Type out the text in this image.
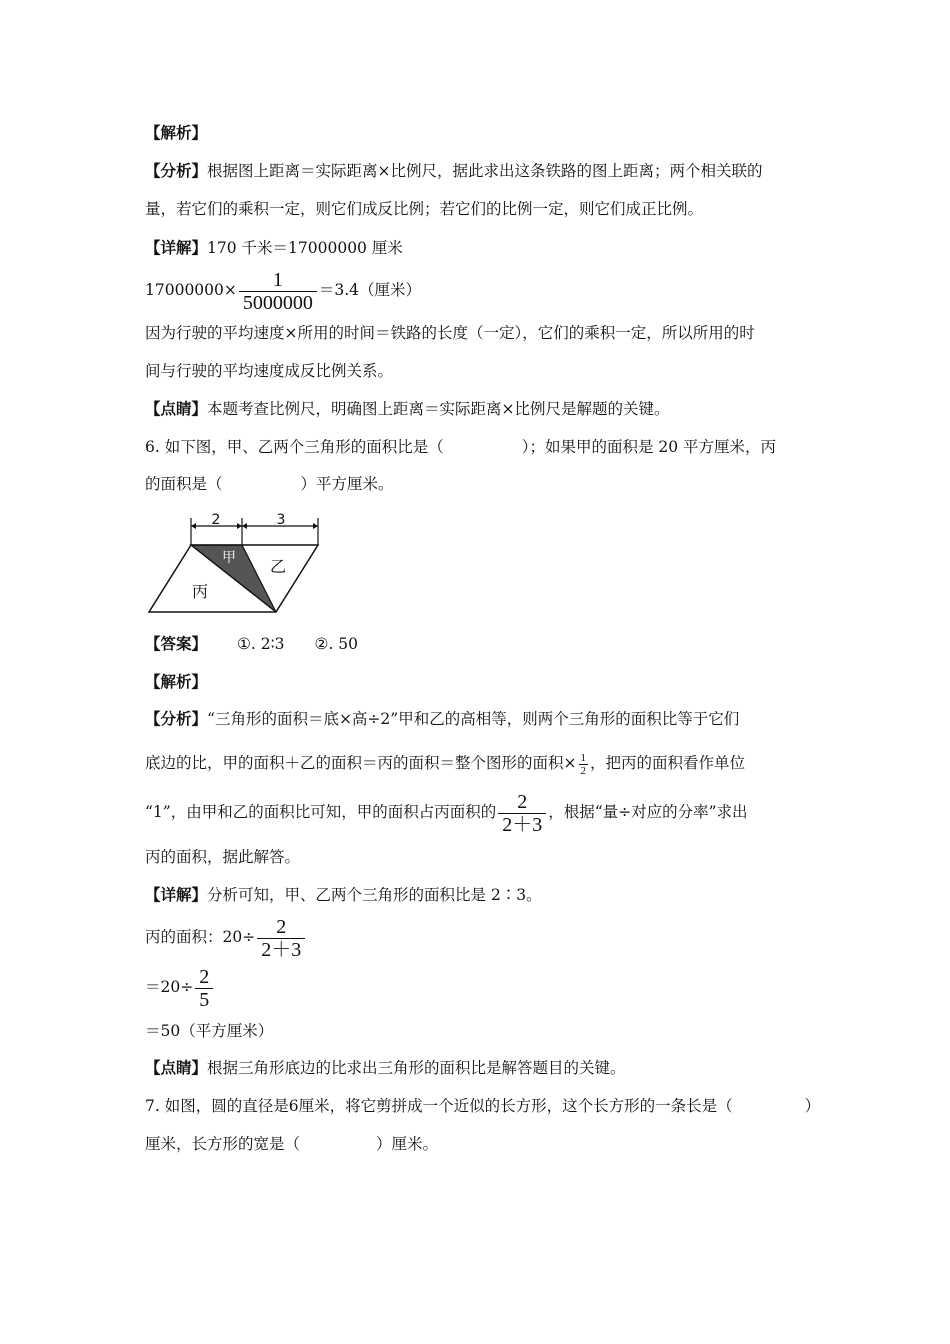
【解析】
【分析】根据图上距离＝实际距离×比例尺，据此求出这条铁路的图上距离；两个相关联的
量，若它们的乘积一定，则它们成反比例；若它们的比例一定，则它们成正比例。
【详解】170 千米＝17000000 厘米
$17000000\times \frac{1}{5000000} =3.4$（厘米）
因为行驶的平均速度×所用的时间＝铁路的长度（一定），它们的乘积一定，所以所用的时
间与行驶的平均速度成反比例关系。
【点睛】本题考查比例尺，明确图上距离＝实际距离×比例尺是解题的关键。
6. 如下图，甲、乙两个三角形的面积比是（	）；如果甲的面积是 20 平方厘米，丙
的面积是（	）平方厘米。
2	3
甲 乙
丙
【答案】 ①. 2∶3 ②. 50
【解析】
【分析】“三角形的面积＝底×高÷2”甲和乙的高相等，则两个三角形的面积比等于它们
底边的比，甲的面积＋乙的面积＝丙的面积＝整个图形的面积× $\frac{1}{2}$ ，把丙的面积看作单位
“1”，由甲和乙的面积比可知，甲的面积占丙面积的 $\frac{2}{2+3}$ ，根据“量÷对应的分率”求出
丙的面积，据此解答。
【详解】分析可知，甲、乙两个三角形的面积比是 2∶3。
丙的面积：$20\div \frac{2}{2+3}$
$=20\div \frac{2}{5}$
＝50（平方厘米）
【点睛】根据三角形底边的比求出三角形的面积比是解答题目的关键。
7. 如图，圆的直径是6厘米，将它剪拼成一个近似的长方形，这个长方形的一条长是（	）
厘米，长方形的宽是（	）厘米。
